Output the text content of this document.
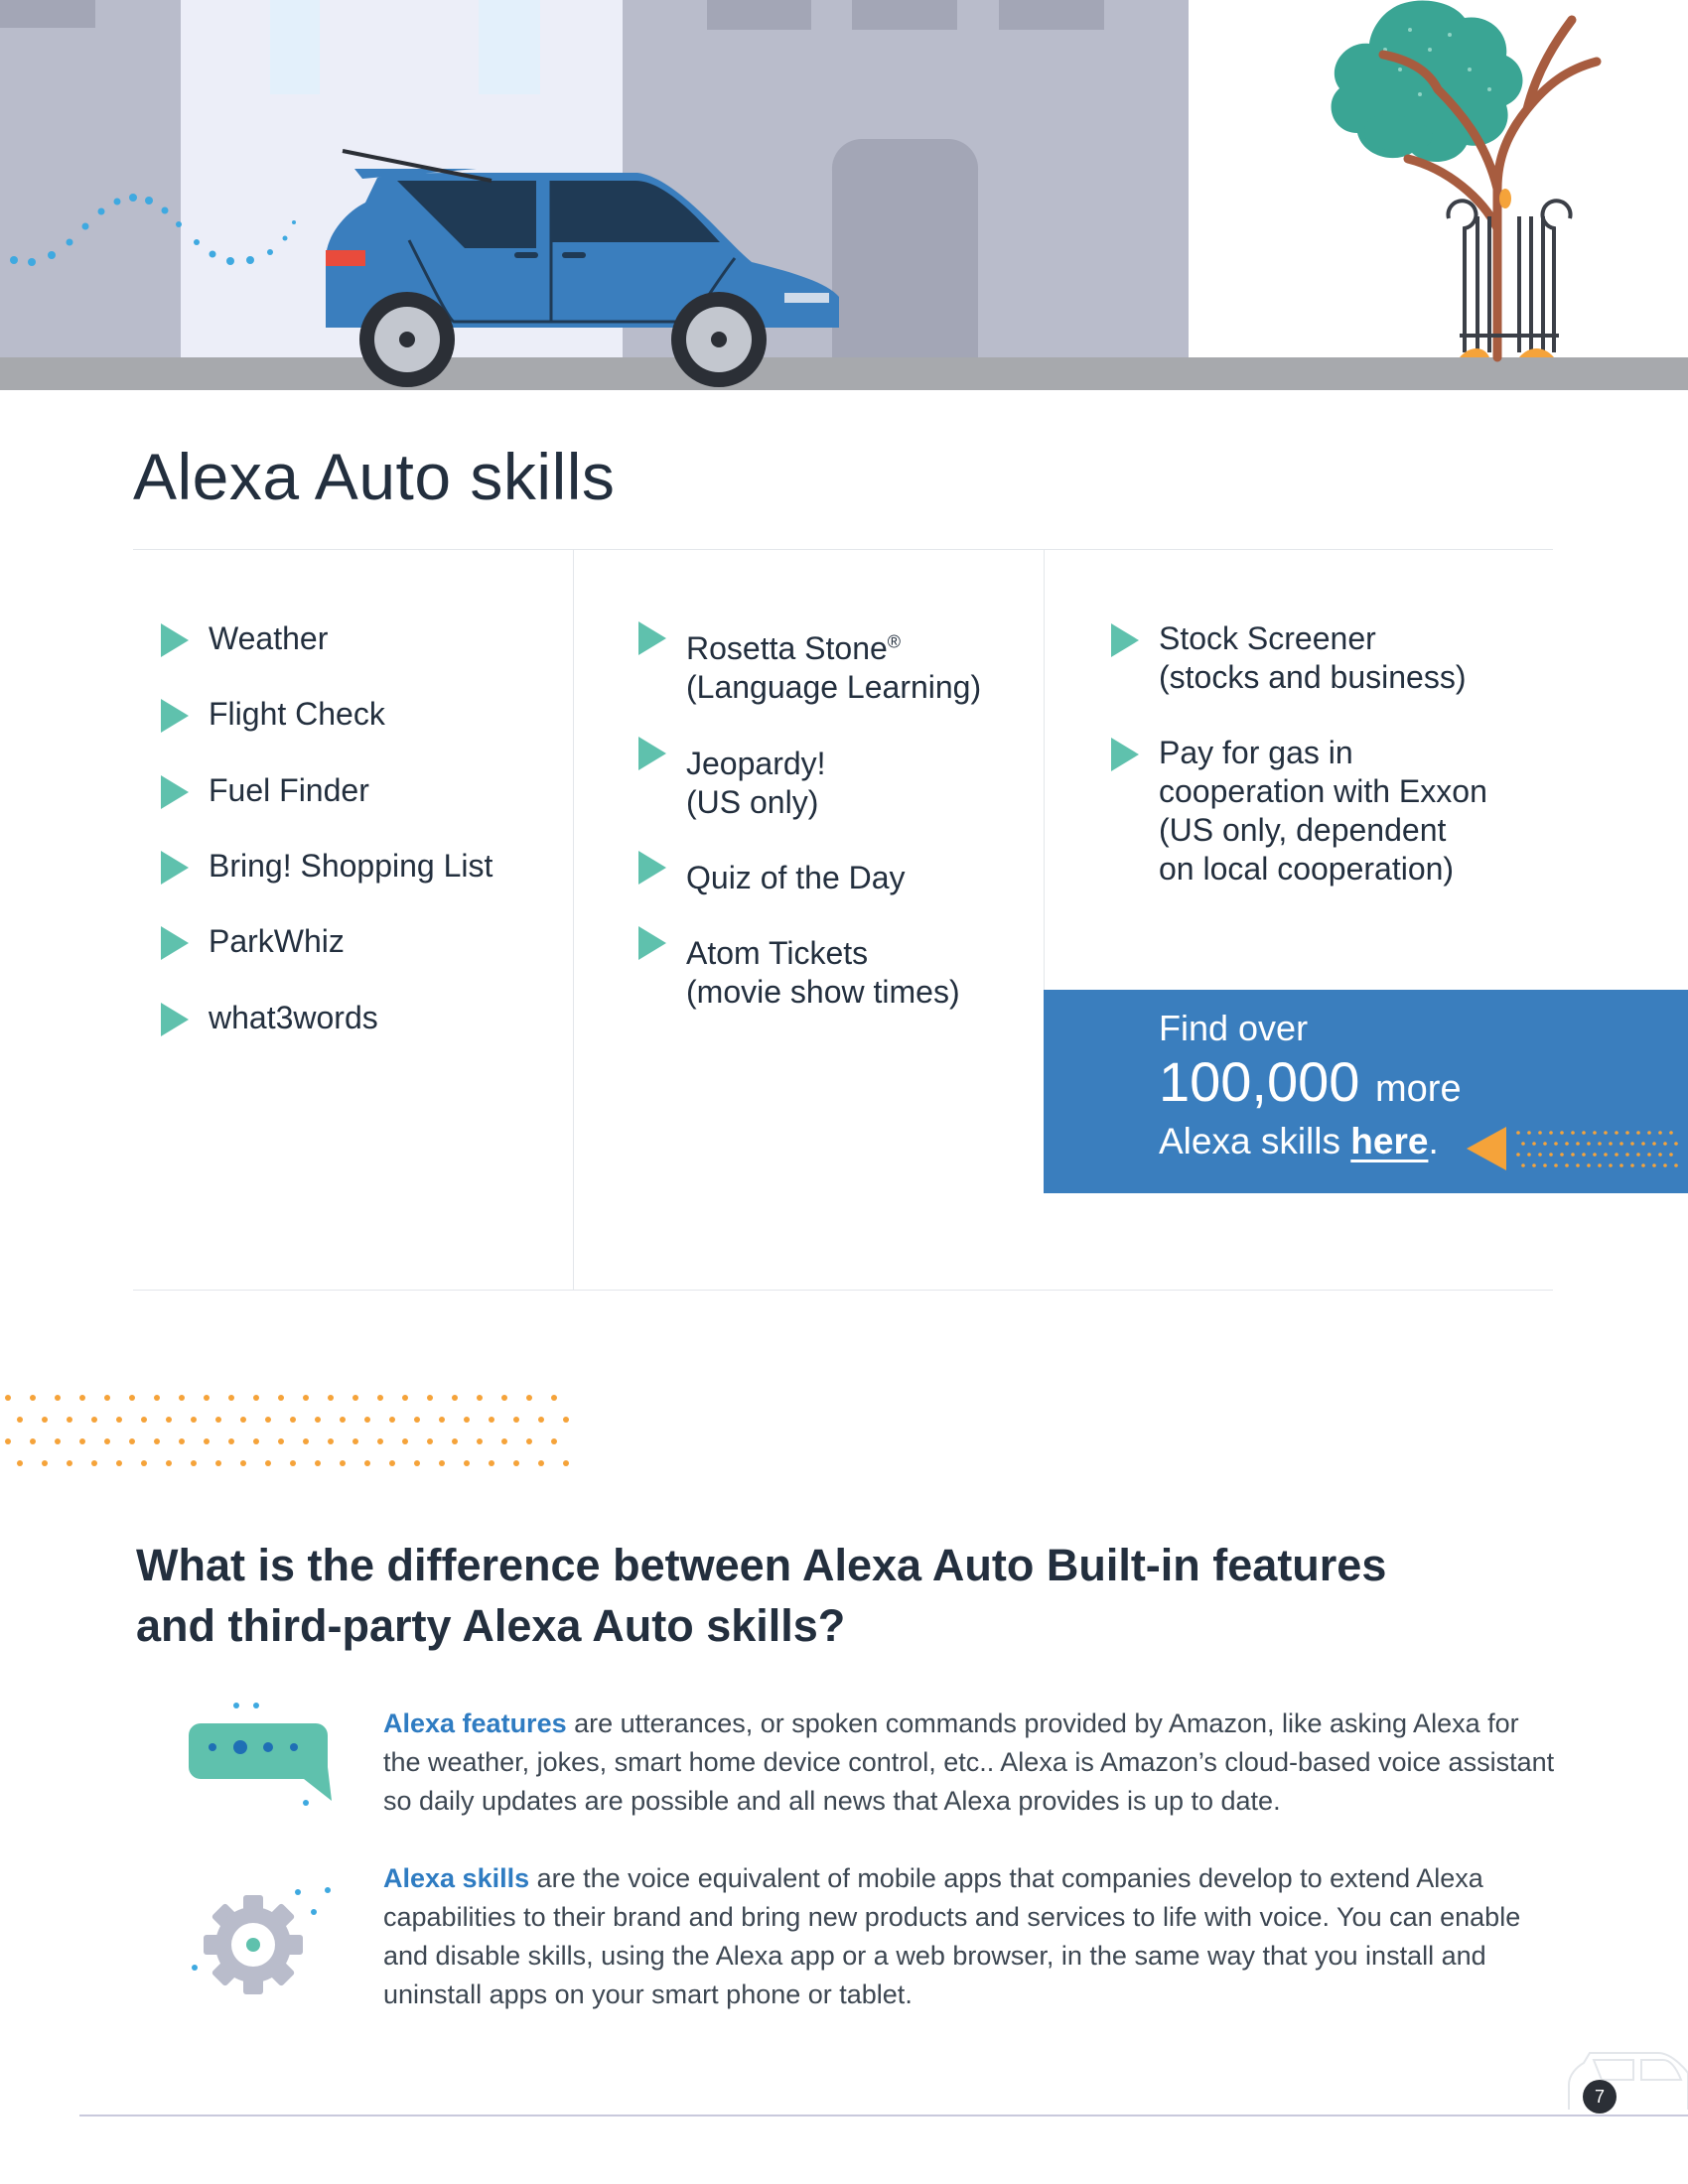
Alexa Auto skills
Weather
Flight Check
Fuel Finder
Bring! Shopping List
ParkWhiz
what3words
Rosetta Stone®
(Language Learning)
Jeopardy!
(US only)
Quiz of the Day
Atom Tickets
(movie show times)
Stock Screener
(stocks and business)
Pay for gas in
cooperation with Exxon
(US only, dependent
on local cooperation)
Find over
100,000 more
Alexa skills here.
What is the difference between Alexa Auto Built-in features
and third-party Alexa Auto skills?
Alexa features are utterances, or spoken commands provided by Amazon, like asking Alexa for the weather, jokes, smart home device control, etc.. Alexa is Amazon’s cloud-based voice assistant so daily updates are possible and all news that Alexa provides is up to date.
Alexa skills are the voice equivalent of mobile apps that companies develop to extend Alexa capabilities to their brand and bring new products and services to life with voice. You can enable and disable skills, using the Alexa app or a web browser, in the same way that you install and uninstall apps on your smart phone or tablet.
7
